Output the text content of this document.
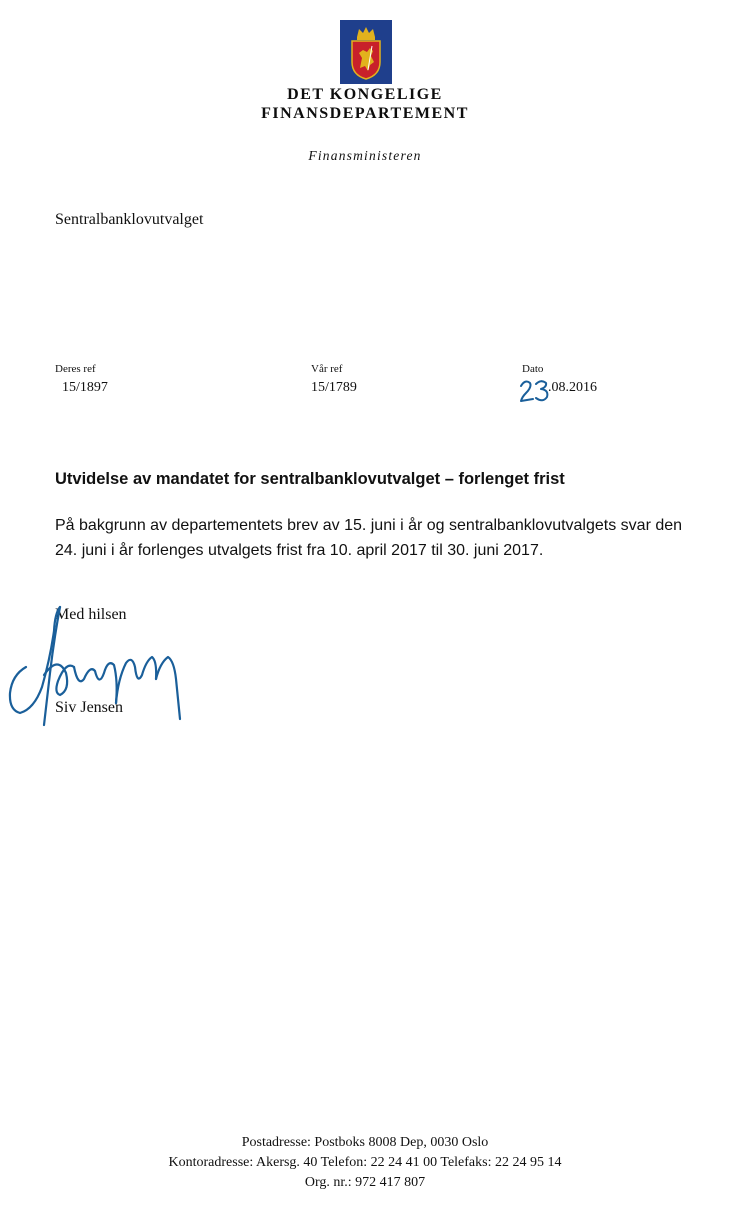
DET KONGELIGE
FINANSDEPARTEMENT
Finansministeren
Sentralbanklovutvalget
Deres ref
15/1897
Vår ref
15/1789
Dato
.08.2016
Utvidelse av mandatet for sentralbanklovutvalget – forlenget frist

På bakgrunn av departementets brev av 15. juni i år og sentralbanklovutvalgets svar den

24. juni i år forlenges utvalgets frist fra 10. april 2017 til 30. juni 2017.

Med hilsen
Siv Jensen
Postadresse: Postboks 8008 Dep, 0030 Oslo
Kontoradresse: Akersg. 40 Telefon: 22 24 41 00 Telefaks: 22 24 95 14
Org. nr.: 972 417 807
